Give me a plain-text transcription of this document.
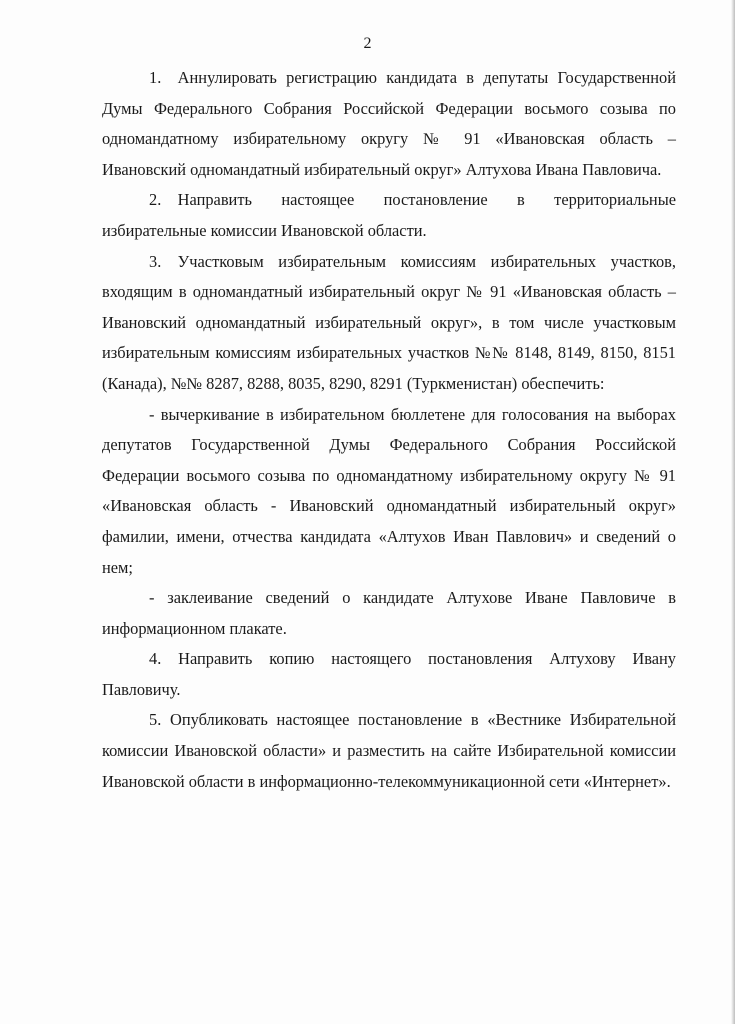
2

1. Аннулировать регистрацию кандидата в депутаты Государственной Думы Федерального Собрания Российской Федерации восьмого созыва по одномандатному избирательному округу № 91 «Ивановская область – Ивановский одномандатный избирательный округ» Алтухова Ивана Павловича.

2. Направить настоящее постановление в территориальные избирательные комиссии Ивановской области.

3. Участковым избирательным комиссиям избирательных участков, входящим в одномандатный избирательный округ № 91 «Ивановская область – Ивановский одномандатный избирательный округ», в том числе участковым избирательным комиссиям избирательных участков №№ 8148, 8149, 8150, 8151 (Канада), №№ 8287, 8288, 8035, 8290, 8291 (Туркменистан) обеспечить:

- вычеркивание в избирательном бюллетене для голосования на выборах депутатов Государственной Думы Федерального Собрания Российской Федерации восьмого созыва по одномандатному избирательному округу № 91 «Ивановская область - Ивановский одномандатный избирательный округ» фамилии, имени, отчества кандидата «Алтухов Иван Павлович» и сведений о нем;

- заклеивание сведений о кандидате Алтухове Иване Павловиче в информационном плакате.

4. Направить копию настоящего постановления Алтухову Ивану Павловичу.

5. Опубликовать настоящее постановление в «Вестнике Избирательной комиссии Ивановской области» и разместить на сайте Избирательной комиссии Ивановской области в информационно-телекоммуникационной сети «Интернет».
